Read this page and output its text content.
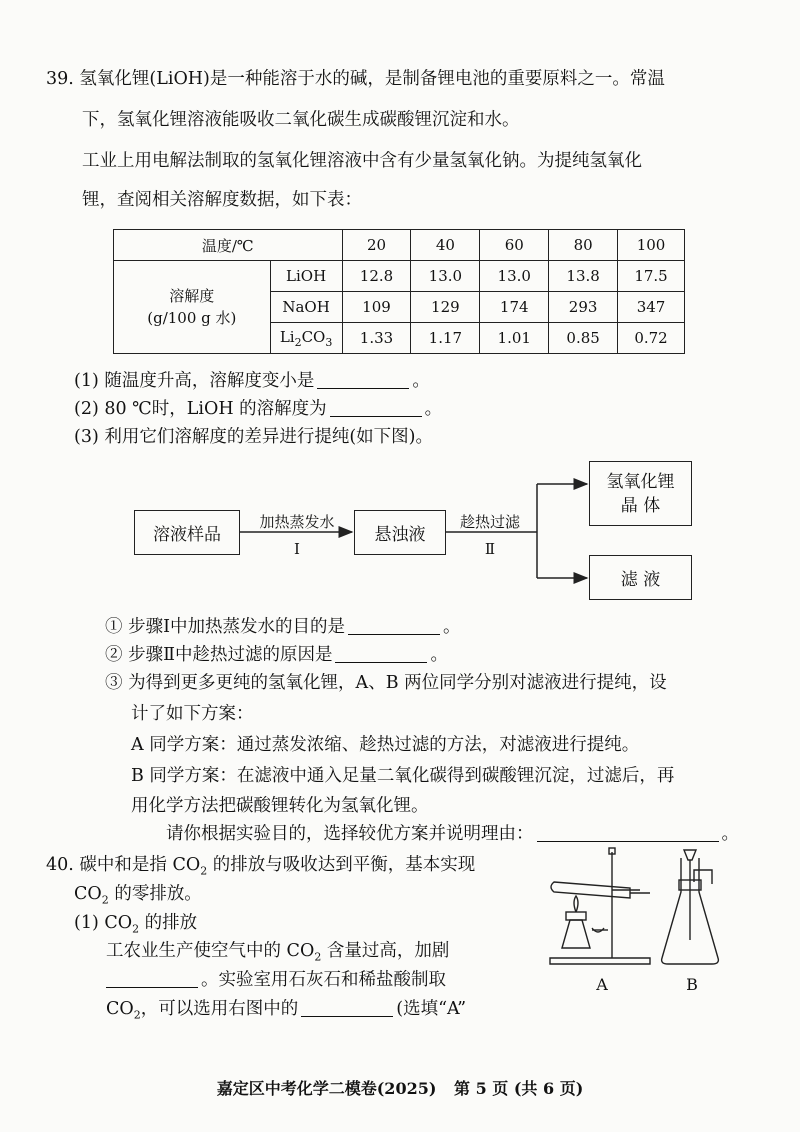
39. 氢氧化锂(LiOH)是一种能溶于水的碱，是制备锂电池的重要原料之一。常温
下，氢氧化锂溶液能吸收二氧化碳生成碳酸锂沉淀和水。
工业上用电解法制取的氢氧化锂溶液中含有少量氢氧化钠。为提纯氢氧化
锂，查阅相关溶解度数据，如下表：
温度/℃		20	40	60	80	100

溶解度
(g/100 g 水)	LiOH	12.8	13.0	13.0	13.8	17.5
	NaOH	109	129	174	293	347
	$Li_2CO_3$	1.33	1.17	1.01	0.85	0.72
(1) 随温度升高，溶解度变小是	。
(2) 80 ℃时，LiOH 的溶解度为	。
(3) 利用它们溶解度的差异进行提纯(如下图)。
溶液样品
加热蒸发水
Ⅰ
悬浊液
趁热过滤
Ⅱ
氢氧化锂
晶 体
滤 液
① 步骤Ⅰ中加热蒸发水的目的是	。
② 步骤Ⅱ中趁热过滤的原因是	。
③ 为得到更多更纯的氢氧化锂，A、B 两位同学分别对滤液进行提纯，设
计了如下方案：
A 同学方案：通过蒸发浓缩、趁热过滤的方法，对滤液进行提纯。
B 同学方案：在滤液中通入足量二氧化碳得到碳酸锂沉淀，过滤后，再
用化学方法把碳酸锂转化为氢氧化锂。
请你根据实验目的，选择较优方案并说明理由：	。
40. 碳中和是指 $CO_2$ 的排放与吸收达到平衡，基本实现
$CO_2$ 的零排放。
(1) $CO_2$ 的排放
工农业生产使空气中的 $CO_2$ 含量过高，加剧
。实验室用石灰石和稀盐酸制取
$CO_2$，可以选用右图中的	(选填“A”
A	B
嘉定区中考化学二模卷(2025) 第 5 页 (共 6 页)
